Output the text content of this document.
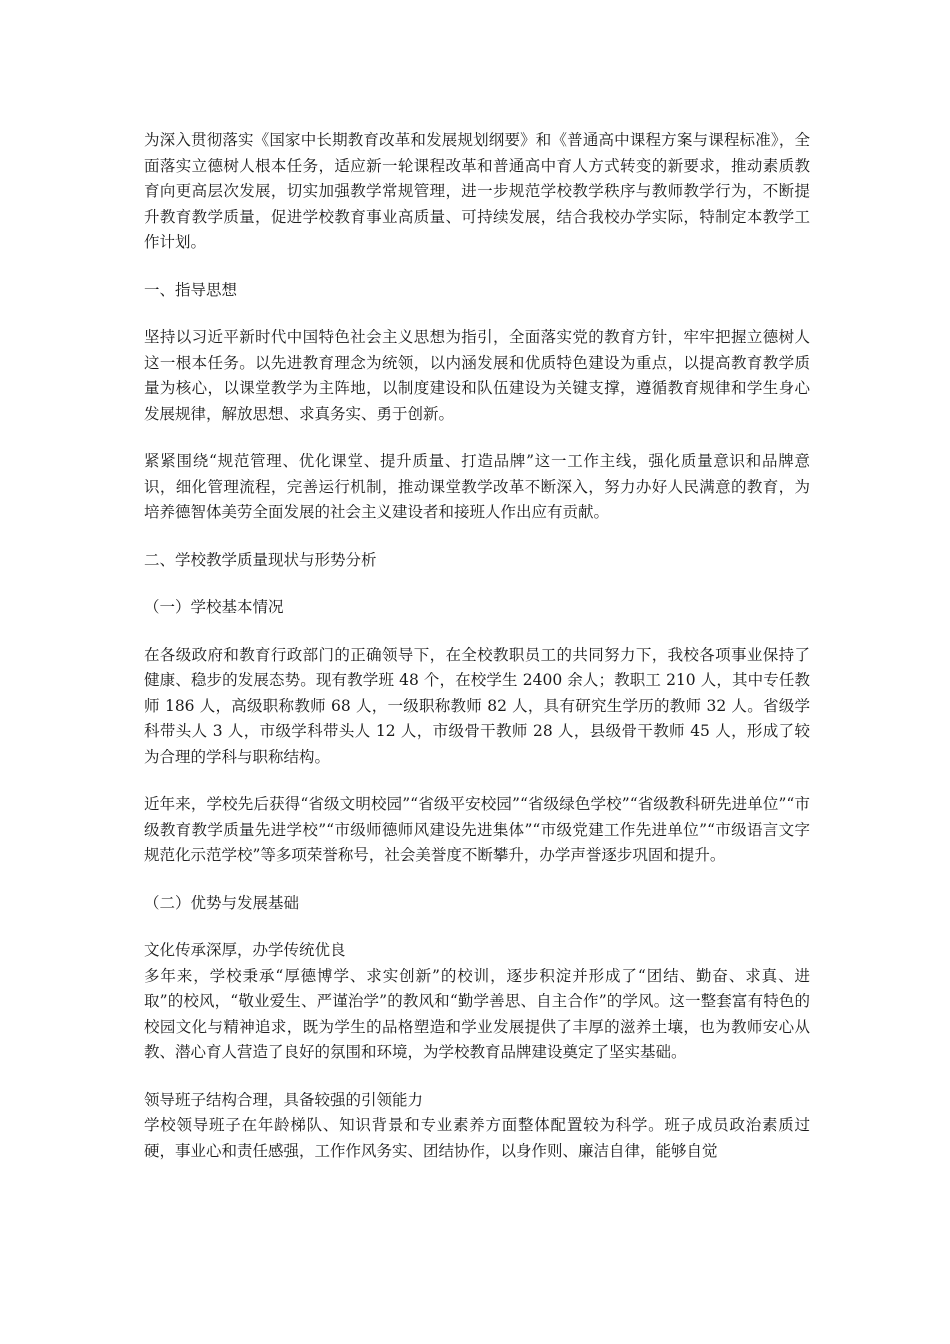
为深入贯彻落实《国家中长期教育改革和发展规划纲要》和《普通高中课程方案与课程标准》，全面落实立德树人根本任务，适应新一轮课程改革和普通高中育人方式转变的新要求，推动素质教育向更高层次发展，切实加强教学常规管理，进一步规范学校教学秩序与教师教学行为，不断提升教育教学质量，促进学校教育事业高质量、可持续发展，结合我校办学实际，特制定本教学工作计划。

一、指导思想

坚持以习近平新时代中国特色社会主义思想为指引，全面落实党的教育方针，牢牢把握立德树人这一根本任务。以先进教育理念为统领，以内涵发展和优质特色建设为重点，以提高教育教学质量为核心，以课堂教学为主阵地，以制度建设和队伍建设为关键支撑，遵循教育规律和学生身心发展规律，解放思想、求真务实、勇于创新。

紧紧围绕“规范管理、优化课堂、提升质量、打造品牌”这一工作主线，强化质量意识和品牌意识，细化管理流程，完善运行机制，推动课堂教学改革不断深入，努力办好人民满意的教育，为培养德智体美劳全面发展的社会主义建设者和接班人作出应有贡献。

二、学校教学质量现状与形势分析

（一）学校基本情况

在各级政府和教育行政部门的正确领导下，在全校教职员工的共同努力下，我校各项事业保持了健康、稳步的发展态势。现有教学班 48 个，在校学生 2400 余人；教职工 210 人，其中专任教师 186 人，高级职称教师 68 人，一级职称教师 82 人，具有研究生学历的教师 32 人。省级学科带头人 3 人，市级学科带头人 12 人，市级骨干教师 28 人，县级骨干教师 45 人，形成了较为合理的学科与职称结构。

近年来，学校先后获得“省级文明校园”“省级平安校园”“省级绿色学校”“省级教科研先进单位”“市级教育教学质量先进学校”“市级师德师风建设先进集体”“市级党建工作先进单位”“市级语言文字规范化示范学校”等多项荣誉称号，社会美誉度不断攀升，办学声誉逐步巩固和提升。

（二）优势与发展基础

文化传承深厚，办学传统优良

多年来，学校秉承“厚德博学、求实创新”的校训，逐步积淀并形成了“团结、勤奋、求真、进取”的校风，“敬业爱生、严谨治学”的教风和“勤学善思、自主合作”的学风。这一整套富有特色的校园文化与精神追求，既为学生的品格塑造和学业发展提供了丰厚的滋养土壤，也为教师安心从教、潜心育人营造了良好的氛围和环境，为学校教育品牌建设奠定了坚实基础。

领导班子结构合理，具备较强的引领能力

学校领导班子在年龄梯队、知识背景和专业素养方面整体配置较为科学。班子成员政治素质过硬，事业心和责任感强，工作作风务实、团结协作，以身作则、廉洁自律，能够自觉
